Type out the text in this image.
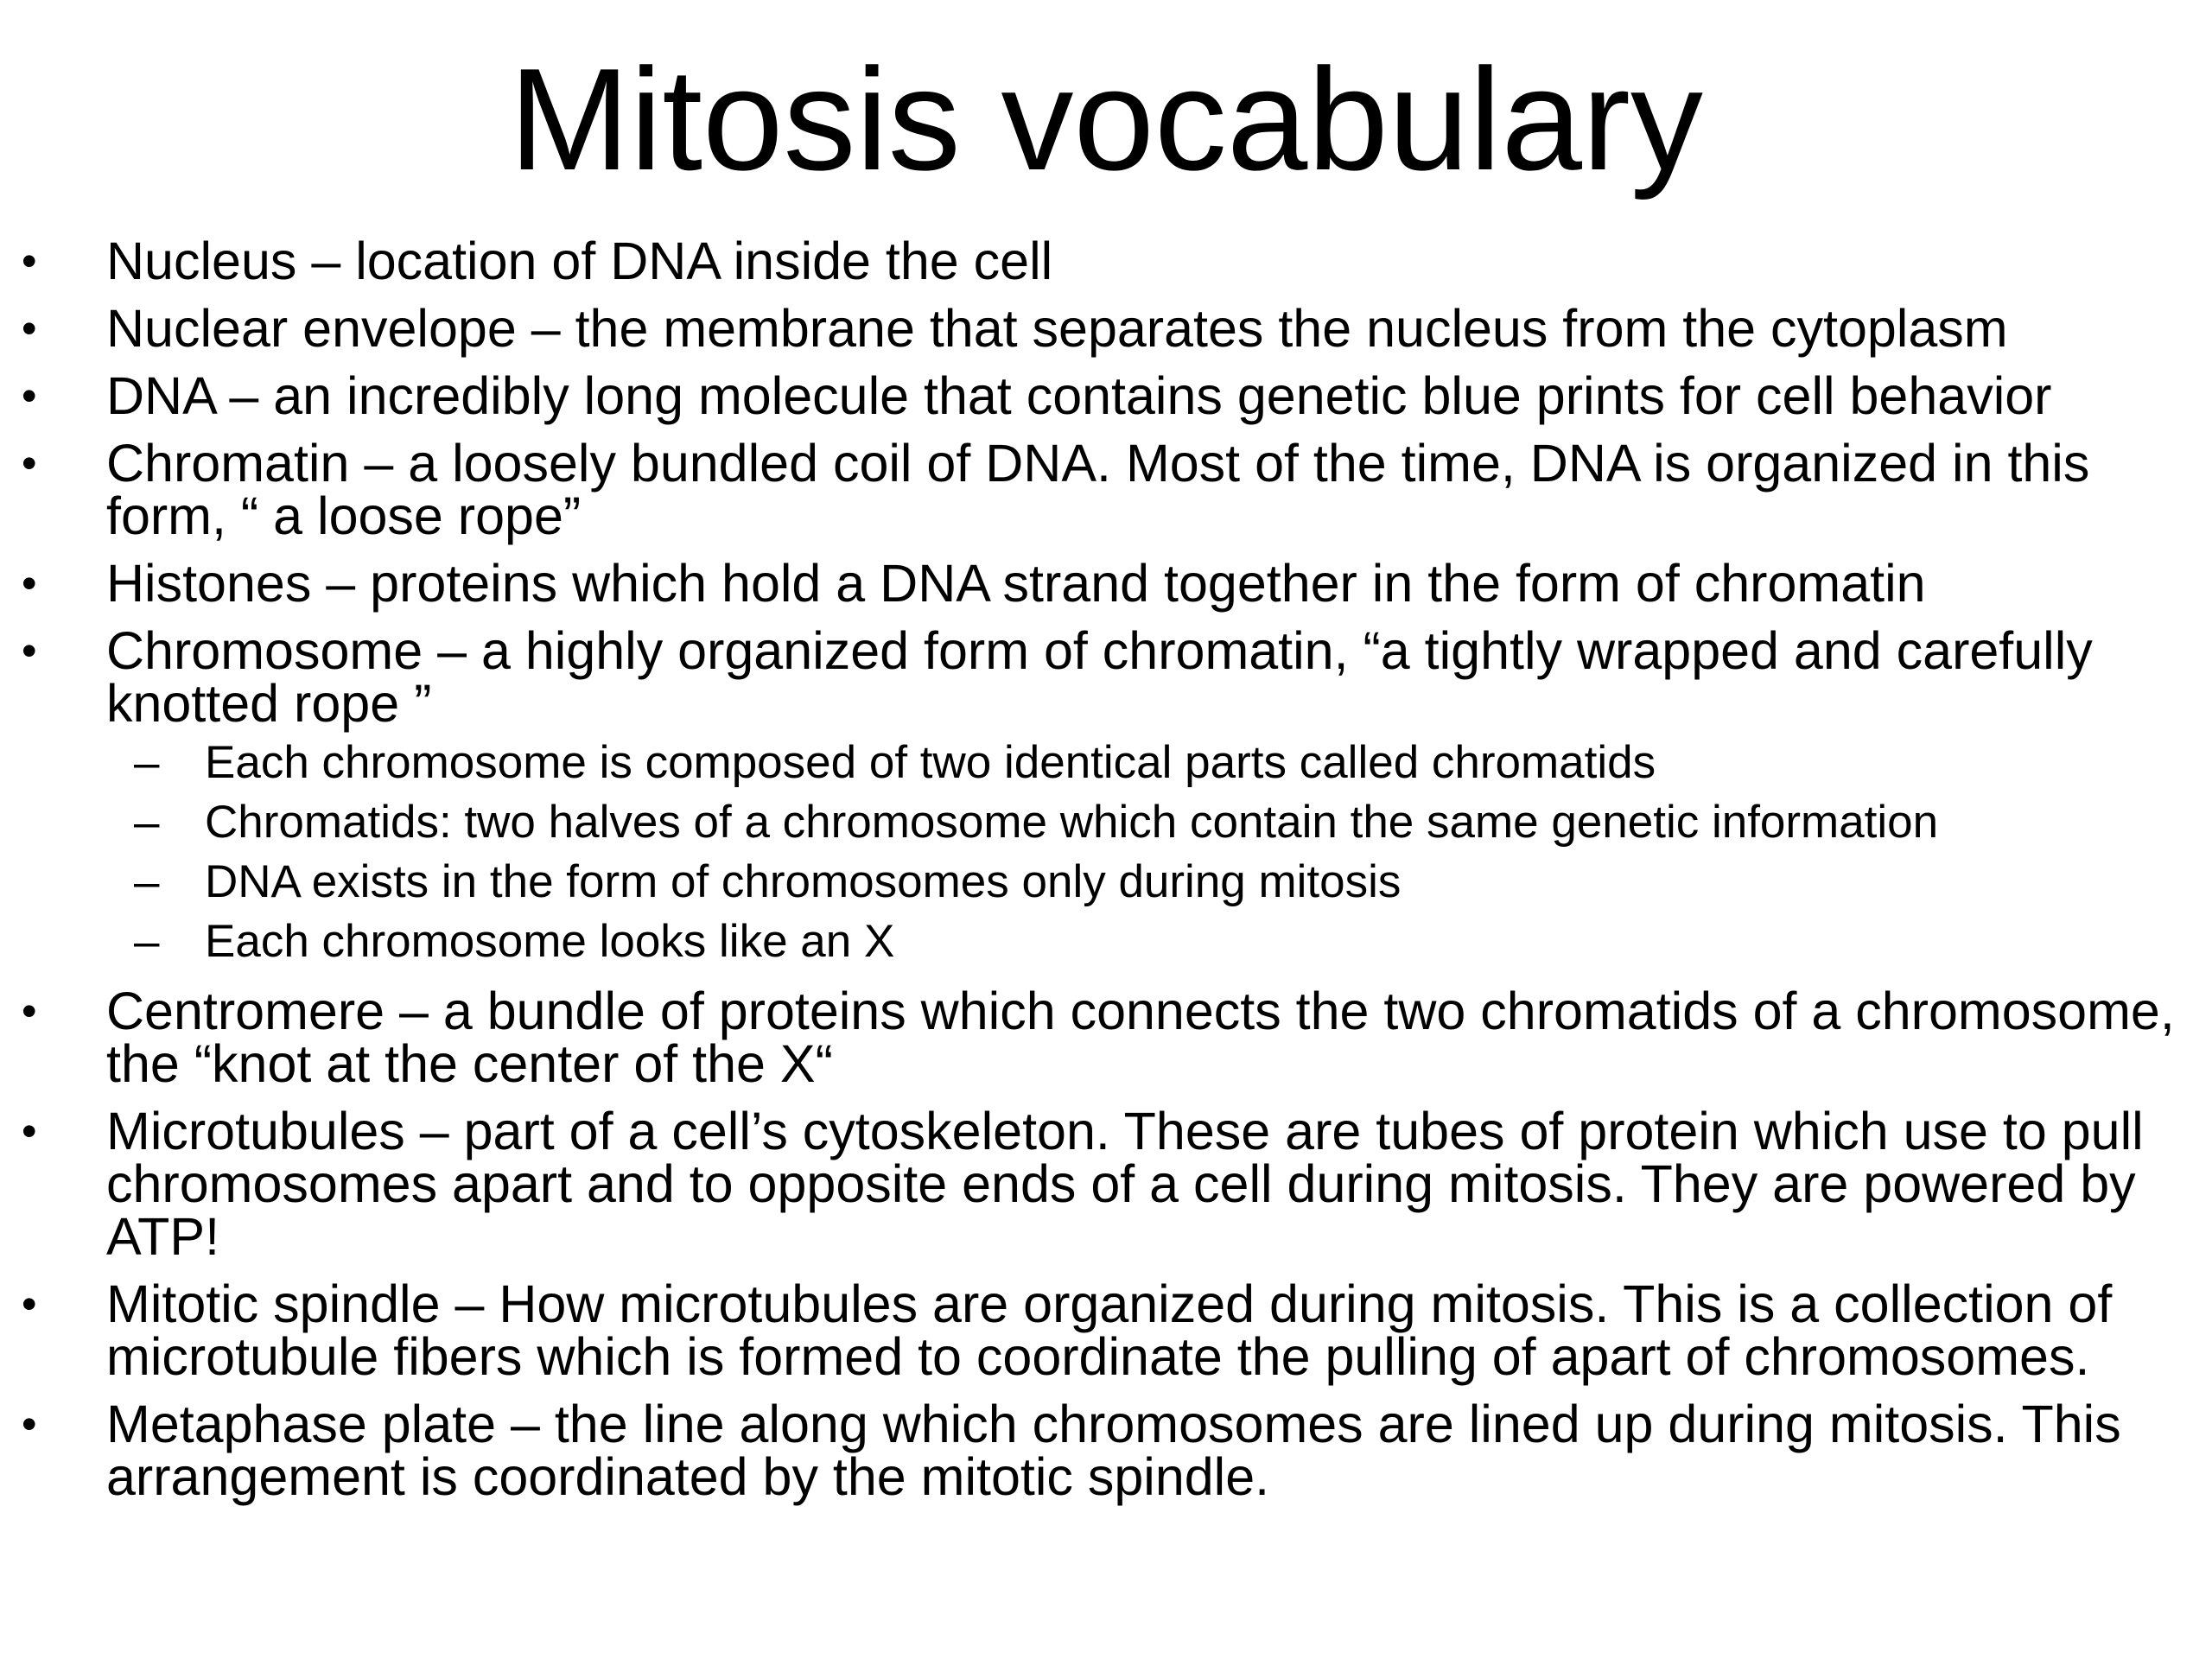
Mitosis vocabulary
• Nucleus – location of DNA inside the cell
• Nuclear envelope – the membrane that separates the nucleus from the cytoplasm
• DNA – an incredibly long molecule that contains genetic blue prints for cell behavior
• Chromatin – a loosely bundled coil of DNA. Most of the time, DNA is organized in this form, “ a loose rope”
• Histones – proteins which hold a DNA strand together in the form of chromatin
• Chromosome – a highly organized form of chromatin, “a tightly wrapped and carefully knotted rope ”
– Each chromosome is composed of two identical parts called chromatids
– Chromatids: two halves of a chromosome which contain the same genetic information
– DNA exists in the form of chromosomes only during mitosis
– Each chromosome looks like an X
• Centromere – a bundle of proteins which connects the two chromatids of a chromosome, the “knot at the center of the X“
• Microtubules – part of a cell’s cytoskeleton. These are tubes of protein which use to pull chromosomes apart and to opposite ends of a cell during mitosis. They are powered by ATP!
• Mitotic spindle – How microtubules are organized during mitosis. This is a collection of microtubule fibers which is formed to coordinate the pulling of apart of chromosomes.
• Metaphase plate – the line along which chromosomes are lined up during mitosis. This arrangement is coordinated by the mitotic spindle.
